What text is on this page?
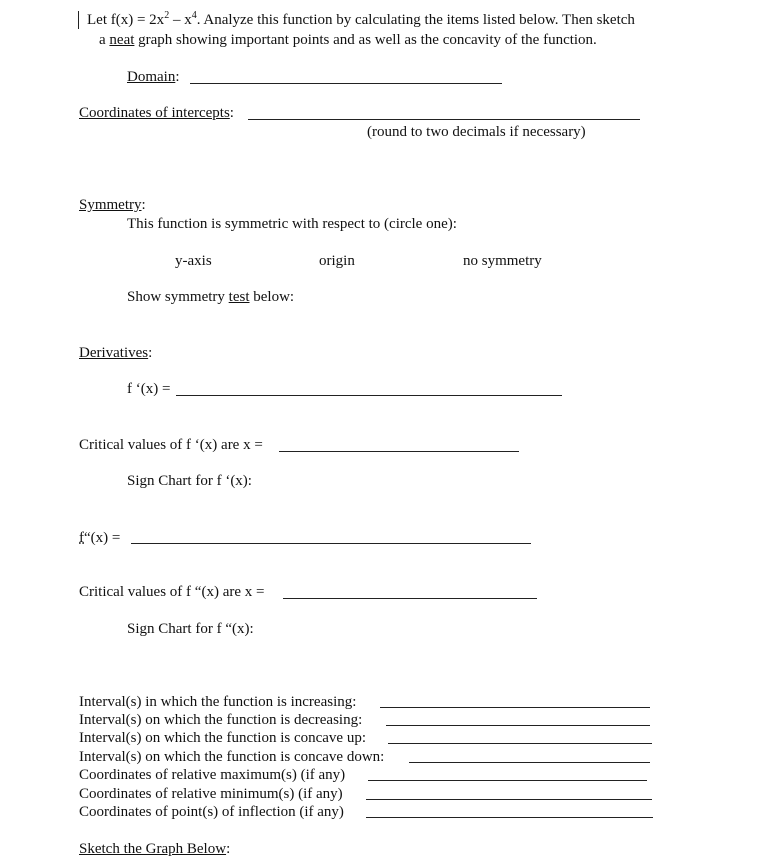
Let $f(x) = 2x^2 - x^4$. Analyze this function by calculating the items listed below. Then sketch
a neat graph showing important points and as well as the concavity of the function.
Domain:
Coordinates of intercepts:
(round to two decimals if necessary)
Symmetry:
This function is symmetric with respect to (circle one):
y-axis	origin	no symmetry
Show symmetry test below:
Derivatives:
f ‘(x) =
Critical values of f ‘(x) are x =
Sign Chart for f ‘(x):
f“(x) =
Critical values of f “(x) are x =
Sign Chart for f “(x):
Interval(s) in which the function is increasing:
Interval(s) on which the function is decreasing:
Interval(s) on which the function is concave up:
Interval(s) on which the function is concave down:
Coordinates of relative maximum(s) (if any)
Coordinates of relative minimum(s) (if any)
Coordinates of point(s) of inflection (if any)
Sketch the Graph Below:
